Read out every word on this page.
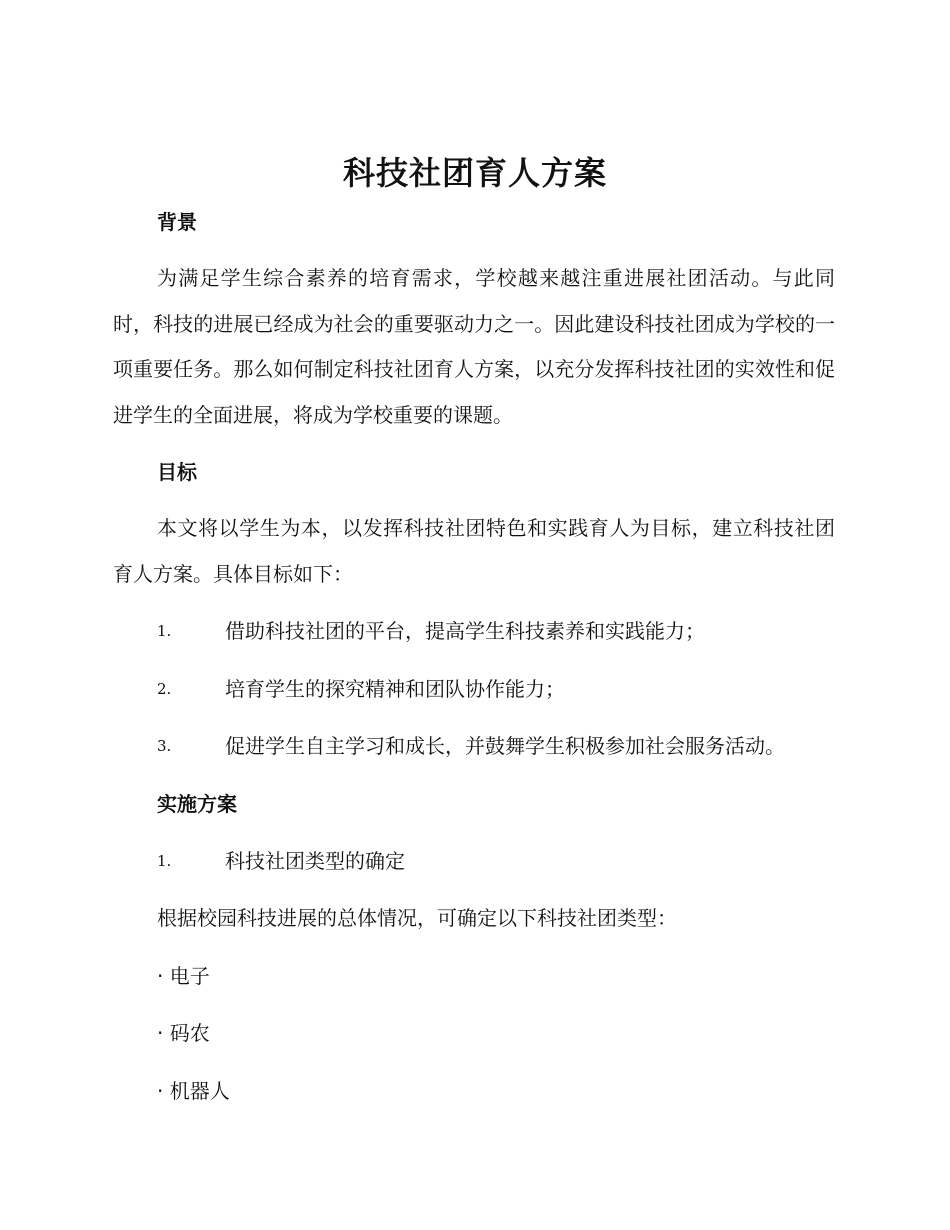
科技社团育人方案
背景
为满足学生综合素养的培育需求，学校越来越注重进展社团活动。与此同时，科技的进展已经成为社会的重要驱动力之一。因此建设科技社团成为学校的一项重要任务。那么如何制定科技社团育人方案，以充分发挥科技社团的实效性和促进学生的全面进展，将成为学校重要的课题。
目标
本文将以学生为本，以发挥科技社团特色和实践育人为目标，建立科技社团育人方案。具体目标如下：
1.	借助科技社团的平台，提高学生科技素养和实践能力；
2.	培育学生的探究精神和团队协作能力；
3.	促进学生自主学习和成长，并鼓舞学生积极参加社会服务活动。
实施方案
1.	科技社团类型的确定
根据校园科技进展的总体情况，可确定以下科技社团类型：
· 电子
· 码农
· 机器人
